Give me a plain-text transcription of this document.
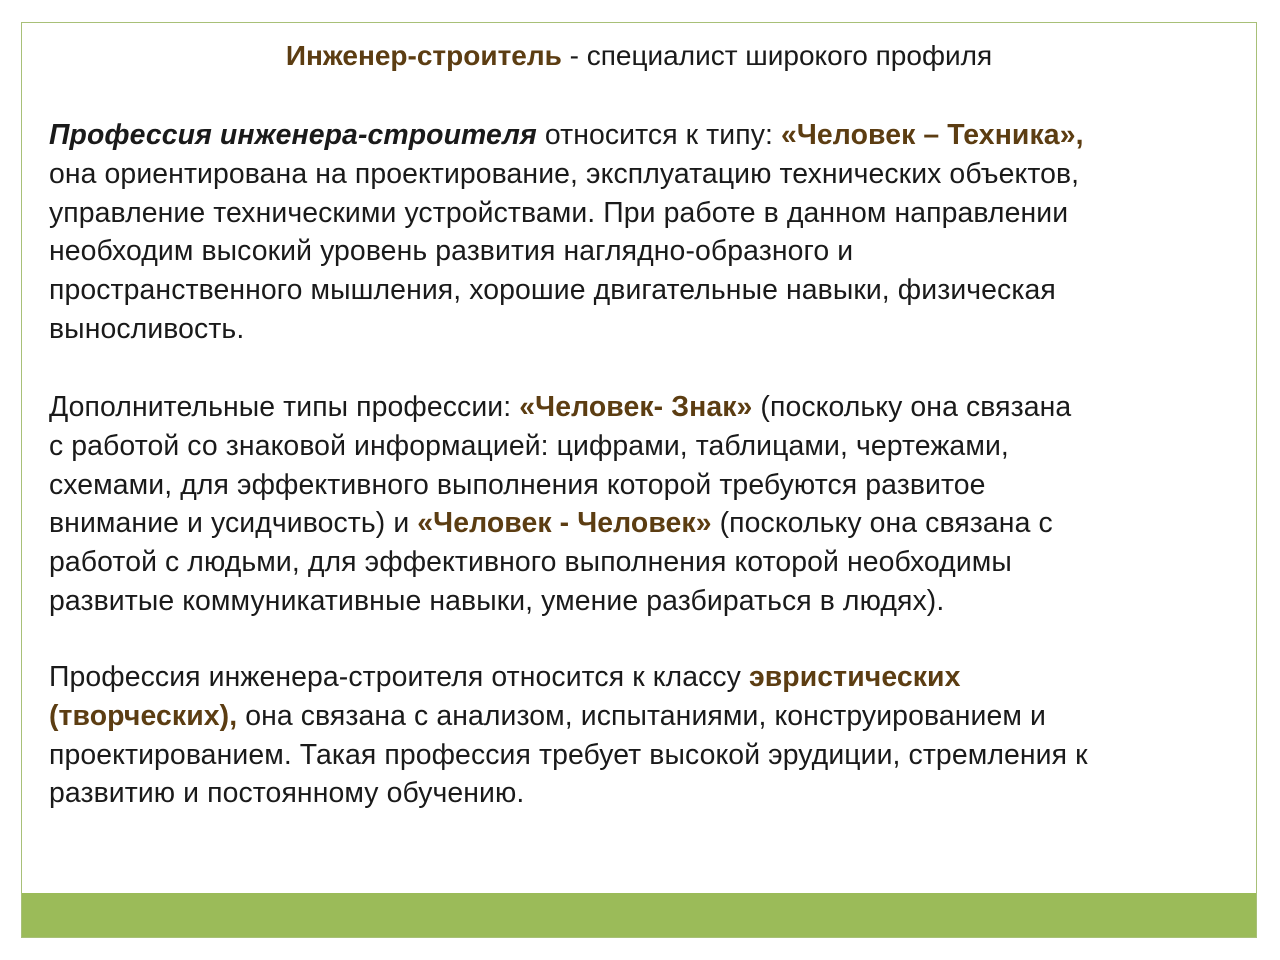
Инженер-строитель - специалист широкого профиля
Профессия инженера-строителя относится к типу: «Человек – Техника»,
она ориентирована на проектирование, эксплуатацию технических объектов,
управление техническими устройствами. При работе в данном направлении
необходим высокий уровень развития наглядно-образного и
пространственного мышления, хорошие двигательные навыки, физическая
выносливость.
Дополнительные типы профессии: «Человек- Знак» (поскольку она связана
с работой со знаковой информацией: цифрами, таблицами, чертежами,
схемами, для эффективного выполнения которой требуются развитое
внимание и усидчивость) и «Человек - Человек» (поскольку она связана с
работой с людьми, для эффективного выполнения которой необходимы
развитые коммуникативные навыки, умение разбираться в людях).
Профессия инженера-строителя относится к классу эвристических
(творческих), она связана с анализом, испытаниями, конструированием и
проектированием. Такая профессия требует высокой эрудиции, стремления к
развитию и постоянному обучению.
